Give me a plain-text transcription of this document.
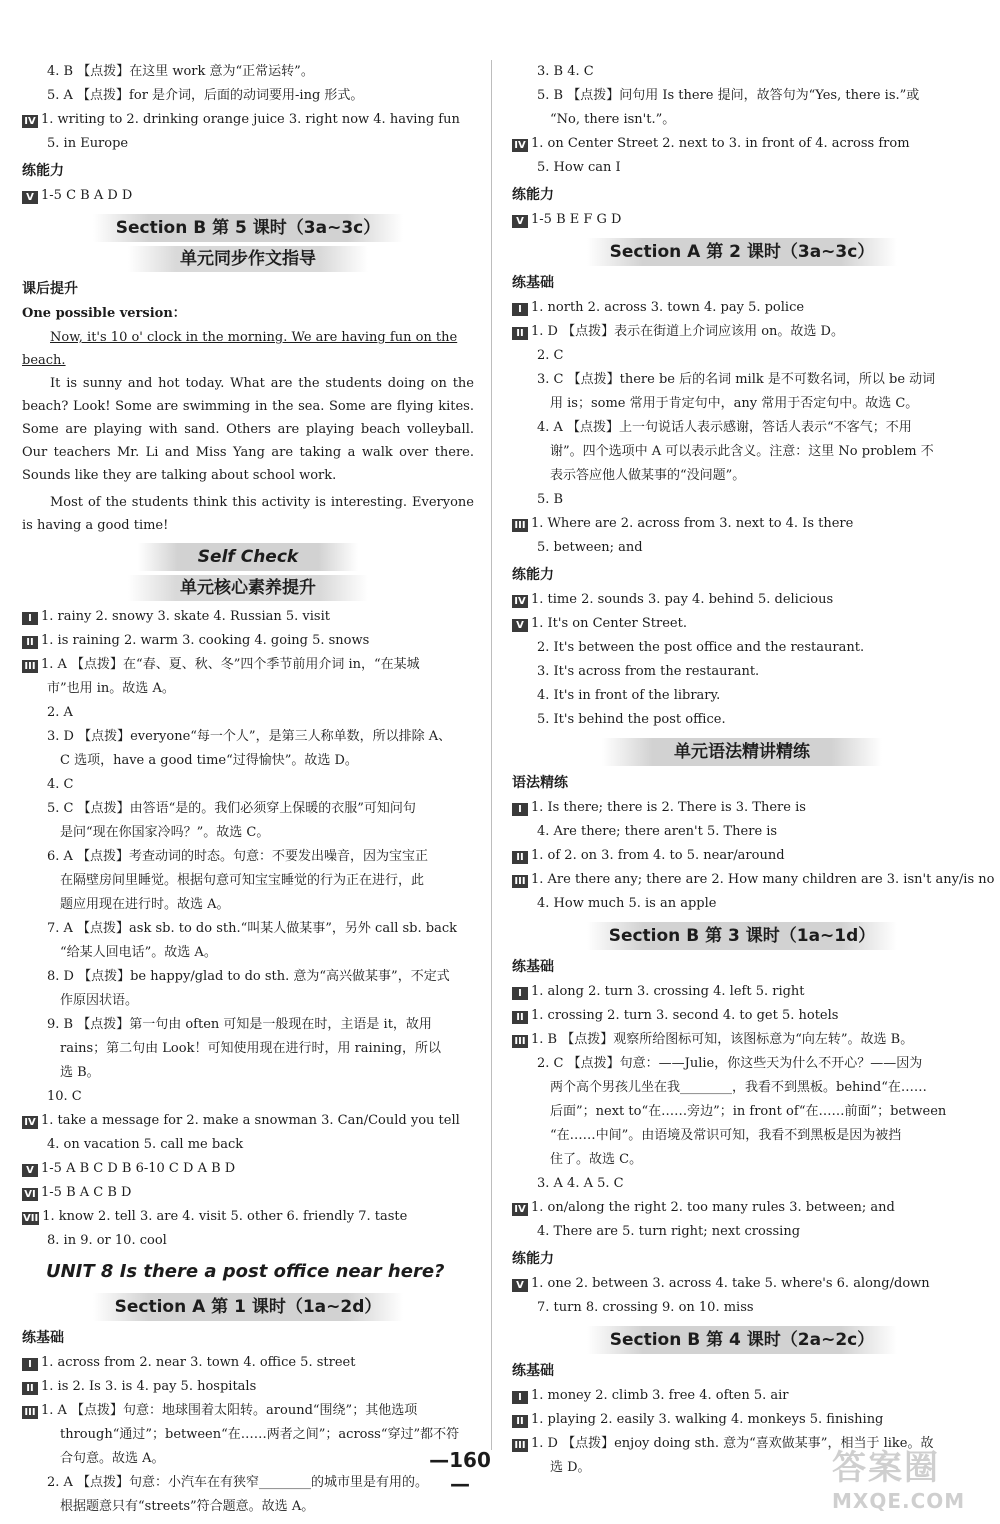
4. B 【点拨】在这里 work 意为“正常运转”。
5. A 【点拨】for 是介词，后面的动词要用-ing 形式。
IV 1. writing to 2. drinking orange juice 3. right now 4. having fun
5. in Europe
练能力
V 1-5 C B A D D
Section B 第 5 课时（3a~3c）
单元同步作文指导
课后提升
One possible version：
Now, it's 10 o' clock in the morning. We are having fun on the beach.
It is sunny and hot today. What are the students doing on the beach? Look! Some are swimming in the sea. Some are flying kites. Some are playing with sand. Others are playing beach volleyball. Our teachers Mr. Li and Miss Yang are taking a walk over there. Sounds like they are talking about school work.
Most of the students think this activity is interesting. Everyone is having a good time!
Self Check
单元核心素养提升
I 1. rainy 2. snowy 3. skate 4. Russian 5. visit
II 1. is raining 2. warm 3. cooking 4. going 5. snows
III 1. A 【点拨】在“春、夏、秋、冬”四个季节前用介词 in，“在某城
市”也用 in。故选 A。
2. A
3. D 【点拨】everyone“每一个人”，是第三人称单数，所以排除 A、
C 选项，have a good time“过得愉快”。故选 D。
4. C
5. C 【点拨】由答语“是的。我们必须穿上保暖的衣服”可知问句
是问“现在你国家冷吗？”。故选 C。
6. A 【点拨】考查动词的时态。句意：不要发出噪音，因为宝宝正
在隔壁房间里睡觉。根据句意可知宝宝睡觉的行为正在进行，此
题应用现在进行时。故选 A。
7. A 【点拨】ask sb. to do sth.“叫某人做某事”，另外 call sb. back
“给某人回电话”。故选 A。
8. D 【点拨】be happy/glad to do sth. 意为“高兴做某事”，不定式
作原因状语。
9. B 【点拨】第一句由 often 可知是一般现在时，主语是 it，故用
rains；第二句由 Look！可知使用现在进行时，用 raining，所以
选 B。
10. C
IV 1. take a message for 2. make a snowman 3. Can/Could you tell
4. on vacation 5. call me back
V 1-5 A B C D B 6-10 C D A B D
VI 1-5 B A C B D
VII 1. know 2. tell 3. are 4. visit 5. other 6. friendly 7. taste
8. in 9. or 10. cool
UNIT 8 Is there a post office near here?
Section A 第 1 课时（1a~2d）
练基础
I 1. across from 2. near 3. town 4. office 5. street
II 1. is 2. Is 3. is 4. pay 5. hospitals
III 1. A 【点拨】句意：地球围着太阳转。around“围绕”；其他选项
through“通过”；between“在……两者之间”；across“穿过”都不符
合句意。故选 A。
2. A 【点拨】句意：小汽车在有狭窄________的城市里是有用的。
根据题意只有“streets”符合题意。故选 A。
3. B 4. C
5. B 【点拨】问句用 Is there 提问，故答句为“Yes, there is.”或
“No, there isn't.”。
IV 1. on Center Street 2. next to 3. in front of 4. across from
5. How can I
练能力
V 1-5 B E F G D
Section A 第 2 课时（3a~3c）
练基础
I 1. north 2. across 3. town 4. pay 5. police
II 1. D 【点拨】表示在街道上介词应该用 on。故选 D。
2. C
3. C 【点拨】there be 后的名词 milk 是不可数名词，所以 be 动词
用 is；some 常用于肯定句中，any 常用于否定句中。故选 C。
4. A 【点拨】上一句说话人表示感谢，答话人表示“不客气；不用
谢”。四个选项中 A 可以表示此含义。注意：这里 No problem 不
表示答应他人做某事的“没问题”。
5. B
III 1. Where are 2. across from 3. next to 4. Is there
5. between; and
练能力
IV 1. time 2. sounds 3. pay 4. behind 5. delicious
V 1. It's on Center Street.
2. It's between the post office and the restaurant.
3. It's across from the restaurant.
4. It's in front of the library.
5. It's behind the post office.
单元语法精讲精练
语法精练
I 1. Is there; there is 2. There is 3. There is
4. Are there; there aren't 5. There is
II 1. of 2. on 3. from 4. to 5. near/around
III 1. Are there any; there are 2. How many children are 3. isn't any/is no
4. How much 5. is an apple
Section B 第 3 课时（1a~1d）
练基础
I 1. along 2. turn 3. crossing 4. left 5. right
II 1. crossing 2. turn 3. second 4. to get 5. hotels
III 1. B 【点拨】观察所给图标可知，该图标意为“向左转”。故选 B。
2. C 【点拨】句意：——Julie，你这些天为什么不开心？——因为
两个高个男孩儿坐在我________，我看不到黑板。behind“在……
后面”；next to“在……旁边”；in front of“在……前面”；between
“在……中间”。由语境及常识可知，我看不到黑板是因为被挡
住了。故选 C。
3. A 4. A 5. C
IV 1. on/along the right 2. too many rules 3. between; and
4. There are 5. turn right; next crossing
练能力
V 1. one 2. between 3. across 4. take 5. where's 6. along/down
7. turn 8. crossing 9. on 10. miss
Section B 第 4 课时（2a~2c）
练基础
I 1. money 2. climb 3. free 4. often 5. air
II 1. playing 2. easily 3. walking 4. monkeys 5. finishing
III 1. D 【点拨】enjoy doing sth. 意为“喜欢做某事”，相当于 like。故
选 D。
—160—	答案圈
MXQE.COM
